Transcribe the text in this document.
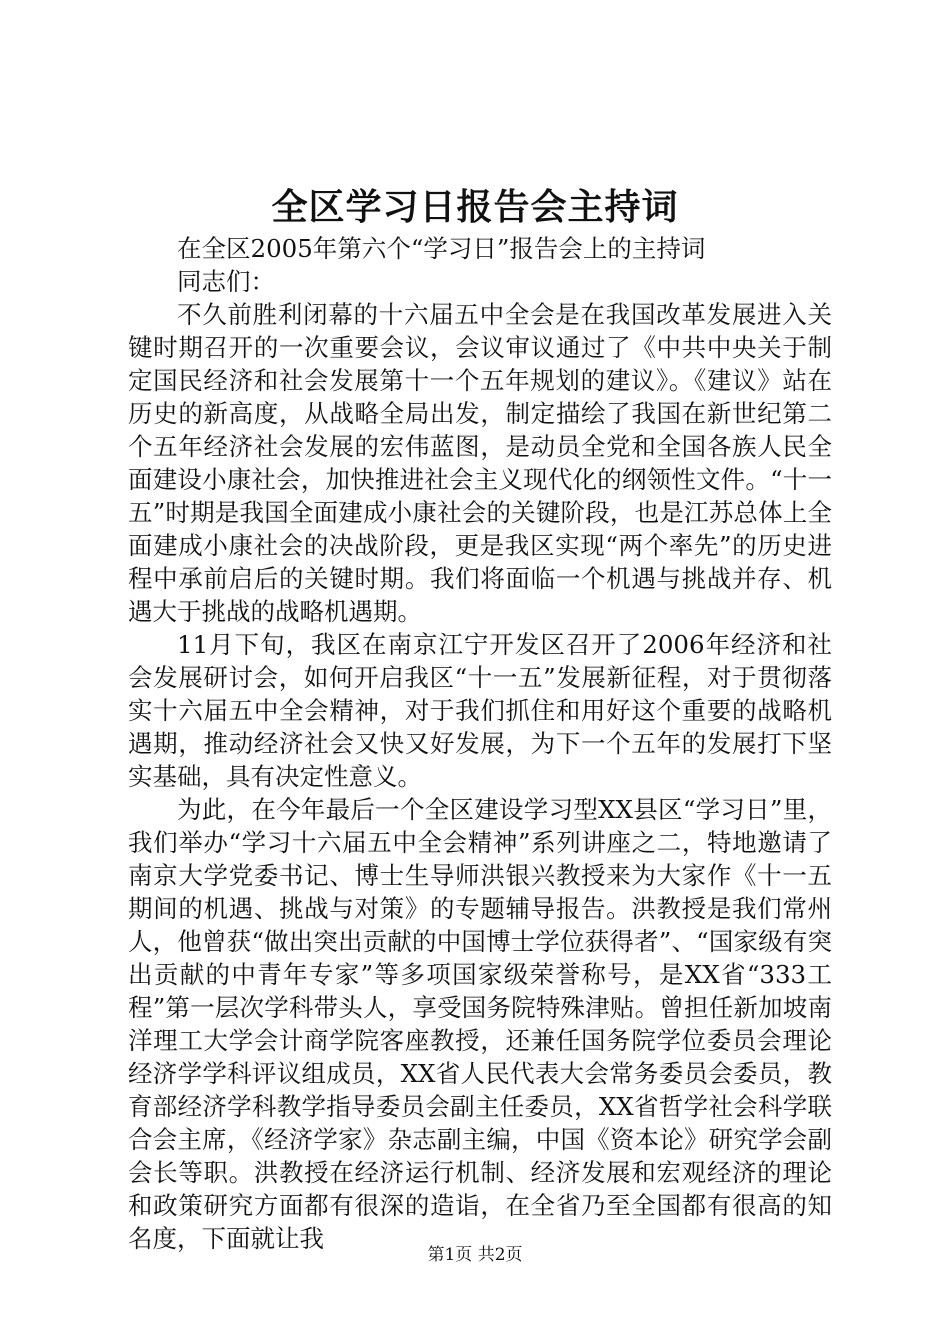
全区学习日报告会主持词

在全区2005年第六个“学习日”报告会上的主持词

同志们：

不久前胜利闭幕的十六届五中全会是在我国改革发展进入关键时期召开的一次重要会议，会议审议通过了《中共中央关于制定国民经济和社会发展第十一个五年规划的建议》。《建议》站在历史的新高度，从战略全局出发，制定描绘了我国在新世纪第二个五年经济社会发展的宏伟蓝图，是动员全党和全国各族人民全面建设小康社会，加快推进社会主义现代化的纲领性文件。“十一五”时期是我国全面建成小康社会的关键阶段，也是江苏总体上全面建成小康社会的决战阶段，更是我区实现“两个率先”的历史进程中承前启后的关键时期。我们将面临一个机遇与挑战并存、机遇大于挑战的战略机遇期。

11月下旬，我区在南京江宁开发区召开了2006年经济和社会发展研讨会，如何开启我区“十一五”发展新征程，对于贯彻落实十六届五中全会精神，对于我们抓住和用好这个重要的战略机遇期，推动经济社会又快又好发展，为下一个五年的发展打下坚实基础，具有决定性意义。

为此，在今年最后一个全区建设学习型XX县区“学习日”里，我们举办“学习十六届五中全会精神”系列讲座之二，特地邀请了南京大学党委书记、博士生导师洪银兴教授来为大家作《十一五期间的机遇、挑战与对策》的专题辅导报告。洪教授是我们常州人，他曾获“做出突出贡献的中国博士学位获得者”、“国家级有突出贡献的中青年专家”等多项国家级荣誉称号，是XX省“333工程”第一层次学科带头人，享受国务院特殊津贴。曾担任新加坡南洋理工大学会计商学院客座教授，还兼任国务院学位委员会理论经济学学科评议组成员，XX省人民代表大会常务委员会委员，教育部经济学科教学指导委员会副主任委员，XX省哲学社会科学联合会主席，《经济学家》杂志副主编，中国《资本论》研究学会副会长等职。洪教授在经济运行机制、经济发展和宏观经济的理论和政策研究方面都有很深的造诣，在全省乃至全国都有很高的知名度，下面就让我

第1页 共2页
